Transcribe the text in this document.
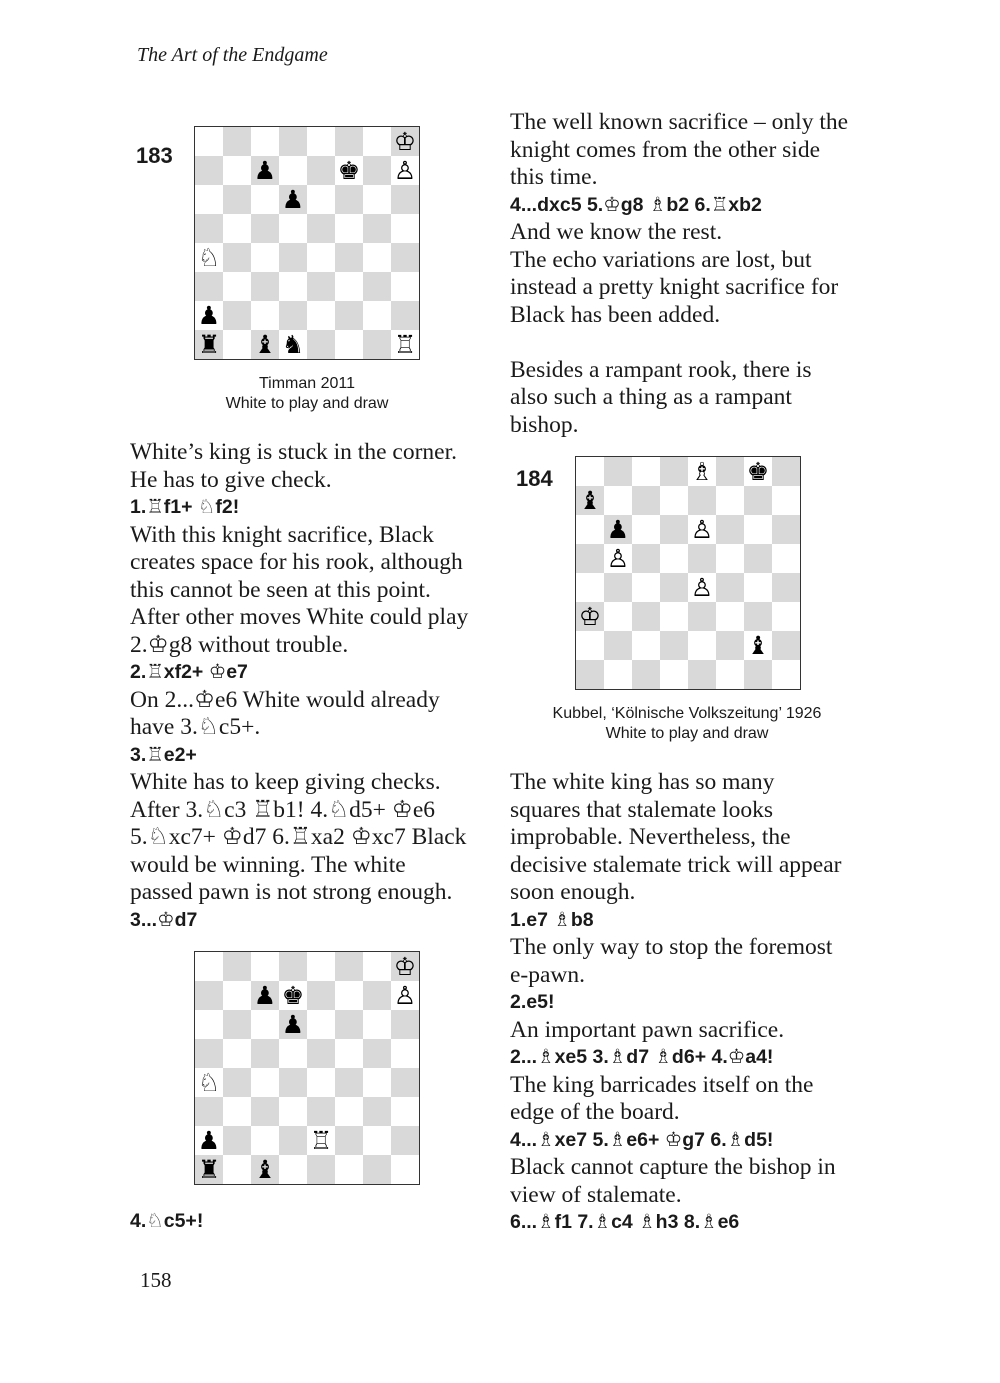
The Art of the Endgame
183	♔
♟ ♚ ♙
♟
♘
♟
♜ ♝ ♞	♖
Timman 2011
White to play and draw
White’s king is stuck in the corner.
He has to give check.
1.♖f1+ ♘f2!
With this knight sacrifice, Black
creates space for his rook, although
this cannot be seen at this point.
After other moves White could play
2.♔g8 without trouble.
2.♖xf2+ ♔e7
On 2...♔e6 White would already
have 3.♘c5+.
3.♖e2+
White has to keep giving checks.
After 3.♘c3 ♖b1! 4.♘d5+ ♔e6
5.♘xc7+ ♔d7 6.♖xa2 ♔xc7 Black
would be winning. The white
passed pawn is not strong enough.
3...♔d7
♔
♟ ♚	♙
♟
♘
♟	♖
♜ ♝
4.♘c5+!
The well known sacrifice – only the
knight comes from the other side
this time.
4...dxc5 5.♔g8 ♗b2 6.♖xb2
And we know the rest.
The echo variations are lost, but
instead a pretty knight sacrifice for
Black has been added.
Besides a rampant rook, there is
also such a thing as a rampant
bishop.
184	♗ ♚
♝
♟ ♙
♙
♙
♔
♝
Kubbel, ‘Kölnische Volkszeitung’ 1926
White to play and draw
The white king has so many
squares that stalemate looks
improbable. Nevertheless, the
decisive stalemate trick will appear
soon enough.
1.e7 ♗b8
The only way to stop the foremost
e-pawn.
2.e5!
An important pawn sacrifice.
2...♗xe5 3.♗d7 ♗d6+ 4.♔a4!
The king barricades itself on the
edge of the board.
4...♗xe7 5.♗e6+ ♔g7 6.♗d5!
Black cannot capture the bishop in
view of stalemate.
6...♗f1 7.♗c4 ♗h3 8.♗e6
158
